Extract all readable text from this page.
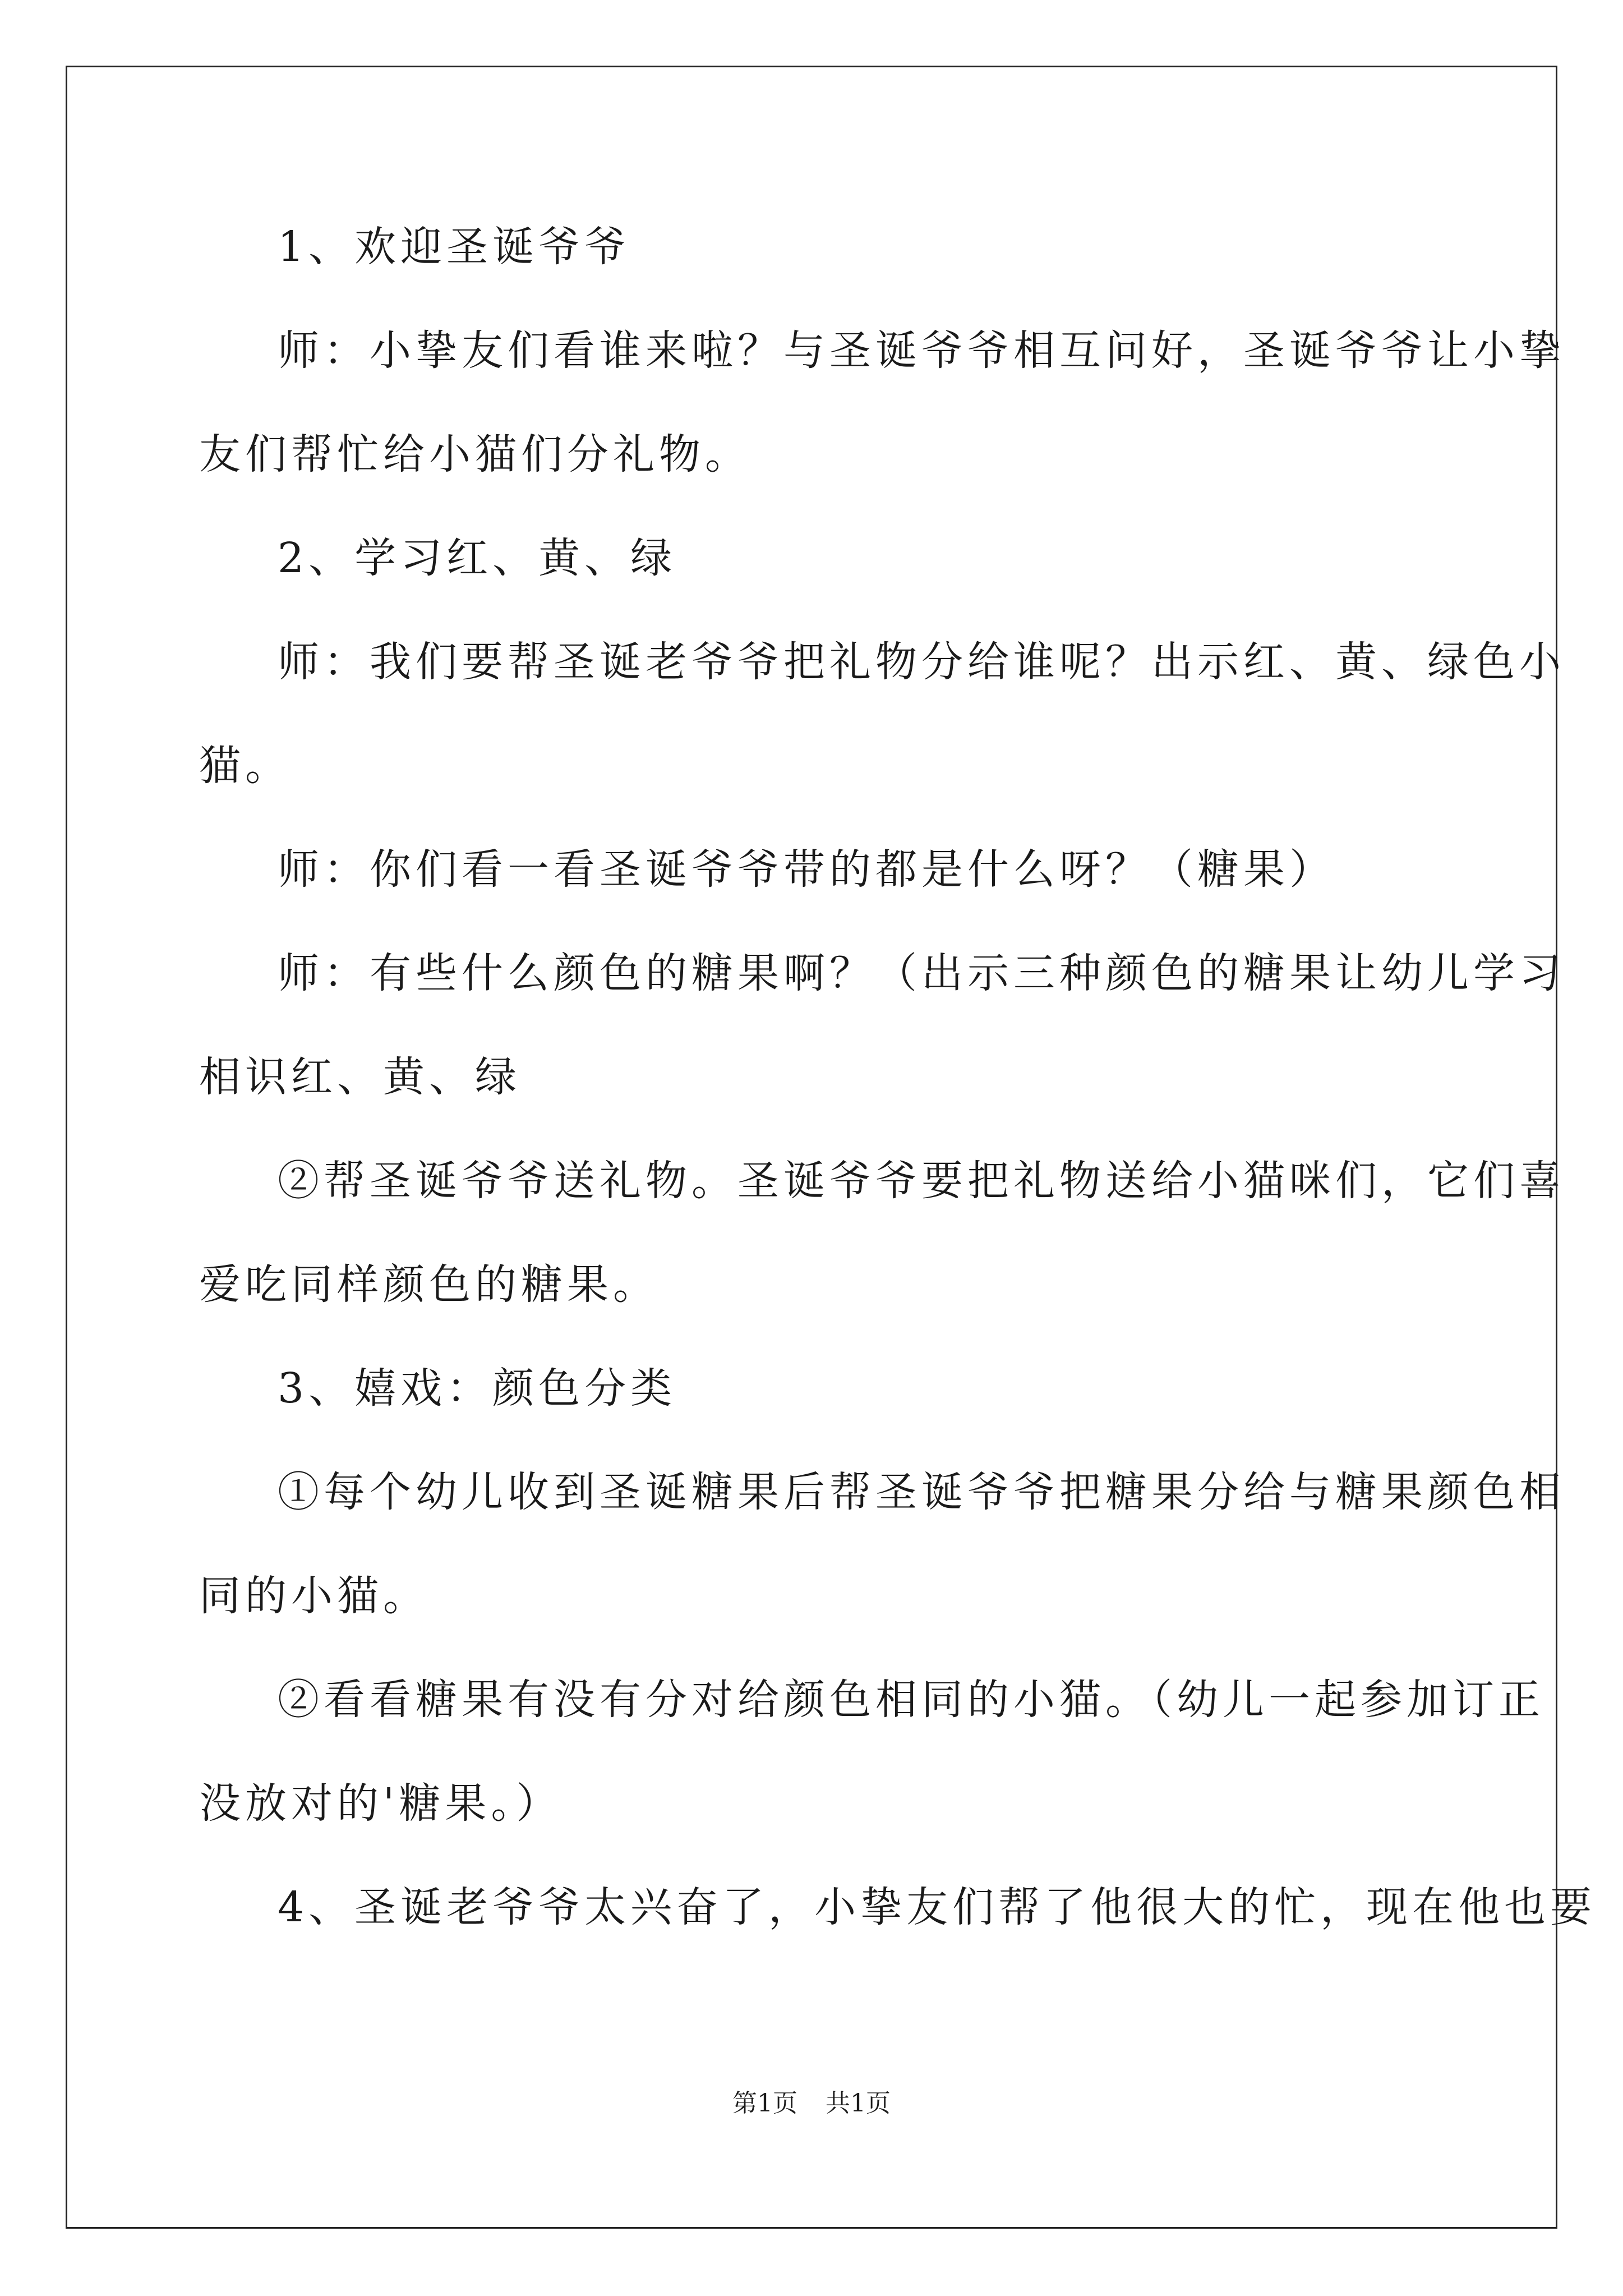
1、欢迎圣诞爷爷
师：小挚友们看谁来啦？与圣诞爷爷相互问好，圣诞爷爷让小挚
友们帮忙给小猫们分礼物。
2、学习红、黄、绿
师：我们要帮圣诞老爷爷把礼物分给谁呢？出示红、黄、绿色小
猫。
师：你们看一看圣诞爷爷带的都是什么呀？（糖果）
师：有些什么颜色的糖果啊？（出示三种颜色的糖果让幼儿学习
相识红、黄、绿
②帮圣诞爷爷送礼物。圣诞爷爷要把礼物送给小猫咪们，它们喜
爱吃同样颜色的糖果。
3、嬉戏：颜色分类
①每个幼儿收到圣诞糖果后帮圣诞爷爷把糖果分给与糖果颜色相
同的小猫。
②看看糖果有没有分对给颜色相同的小猫。（幼儿一起参加订正
没放对的'糖果。）
4、圣诞老爷爷太兴奋了，小挚友们帮了他很大的忙，现在他也要
第1页 共1页
